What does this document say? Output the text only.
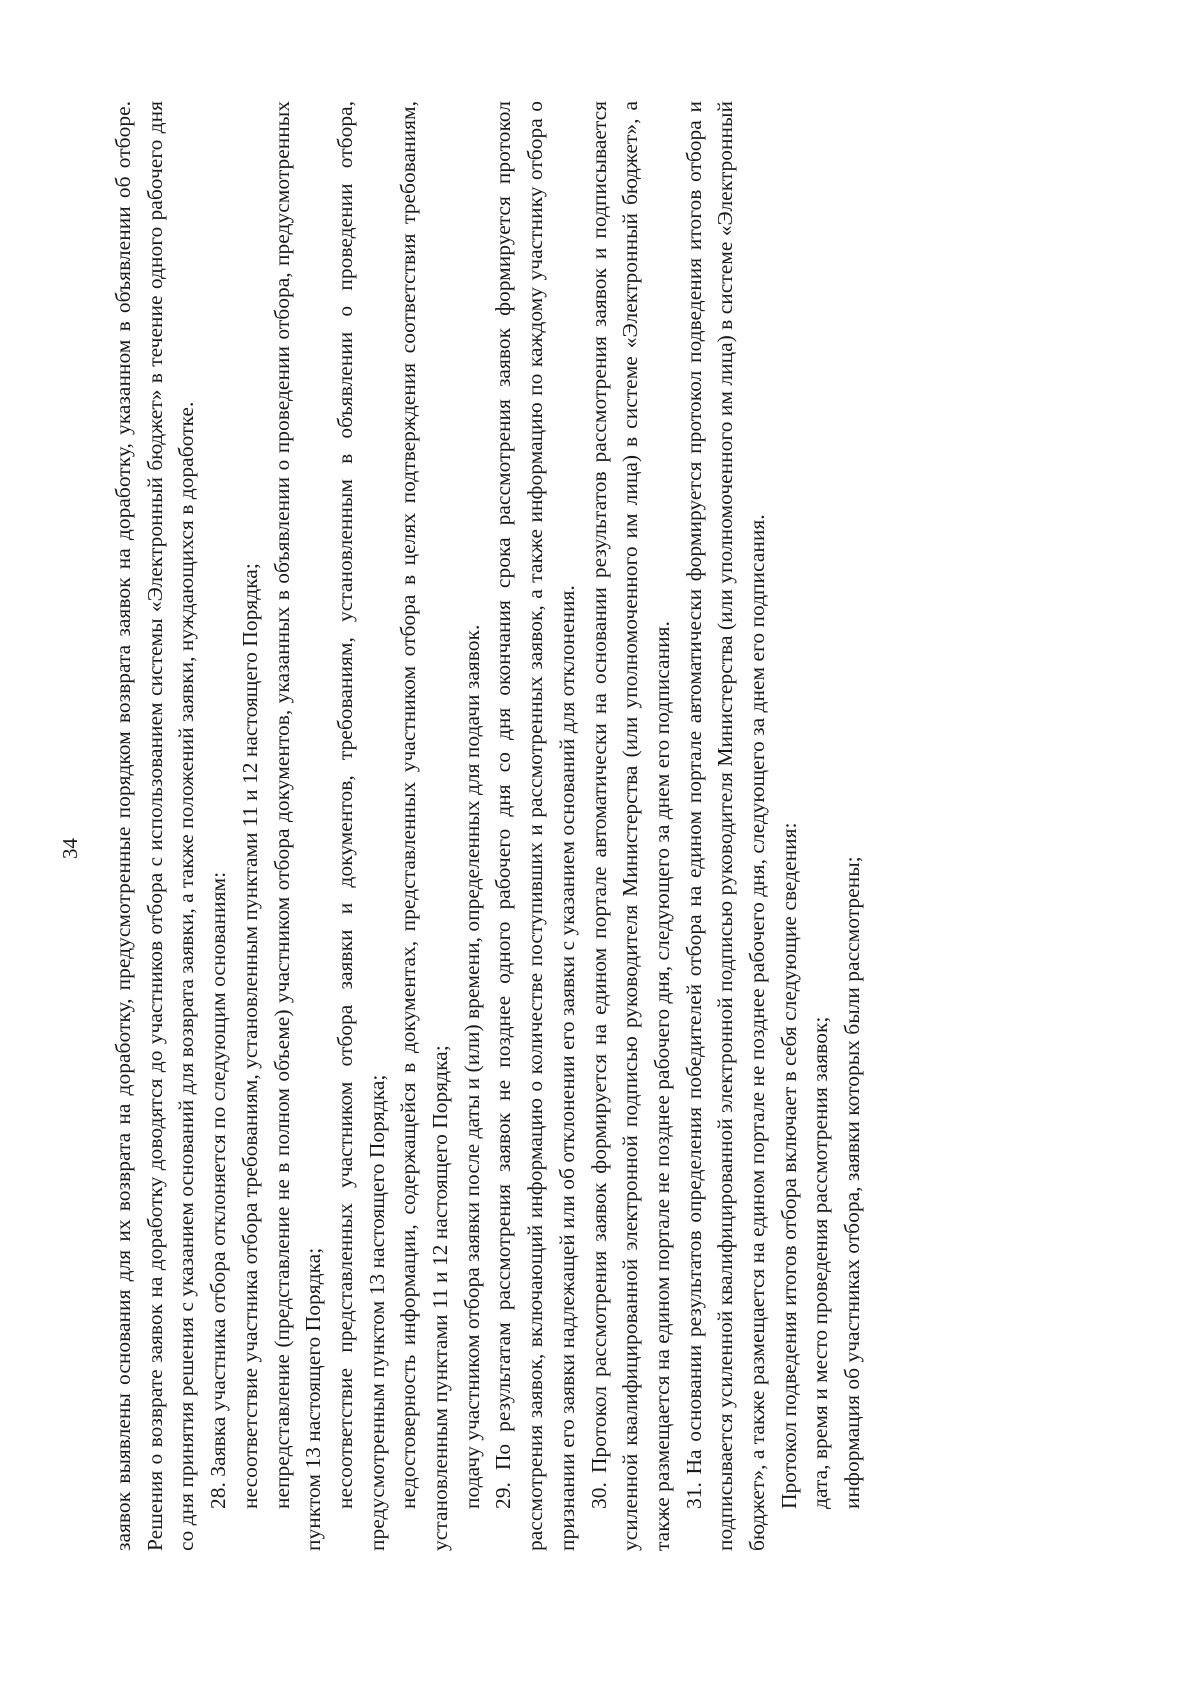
34 заявок выявлены основания для их возврата на доработку, предусмотренные порядком возврата заявок на доработку, указанном в объявлении об отборе. Решения о возврате заявок на доработку доводятся до участников отбора с использованием системы «Электронный бюджет» в течение одного рабочего дня со дня принятия решения с указанием оснований для возврата заявки, а также положений заявки, нуждающихся в доработке. 28. Заявка участника отбора отклоняется по следующим основаниям: несоответствие участника отбора требованиям, установленным пунктами 11 и 12 настоящего Порядка; непредставление (представление не в полном объеме) участником отбора документов, указанных в объявлении о проведении отбора, предусмотренных пунктом 13 настоящего Порядка; несоответствие представленных участником отбора заявки и документов, требованиям, установленным в объявлении о проведении отбора, предусмотренным пунктом 13 настоящего Порядка; недостоверность информации, содержащейся в документах, представленных участником отбора в целях подтверждения соответствия требованиям, установленным пунктами 11 и 12 настоящего Порядка; подачу участником отбора заявки после даты и (или) времени, определенных для подачи заявок. 29. По результатам рассмотрения заявок не позднее одного рабочего дня со дня окончания срока рассмотрения заявок формируется протокол рассмотрения заявок, включающий информацию о количестве поступивших и рассмотренных заявок, а также информацию по каждому участнику отбора о признании его заявки надлежащей или об отклонении его заявки с указанием оснований для отклонения. 30. Протокол рассмотрения заявок формируется на едином портале автоматически на основании результатов рассмотрения заявок и подписывается усиленной квалифицированной электронной подписью руководителя Министерства (или уполномоченного им лица) в системе «Электронный бюджет», а также размещается на едином портале не позднее рабочего дня, следующего за днем его подписания. 31. На основании результатов определения победителей отбора на едином портале автоматически формируется протокол подведения итогов отбора и подписывается усиленной квалифицированной электронной подписью руководителя Министерства (или уполномоченного им лица) в системе «Электронный бюджет», а также размещается на едином портале не позднее рабочего дня, следующего за днем его подписания. Протокол подведения итогов отбора включает в себя следующие сведения: дата, время и место проведения рассмотрения заявок; информация об участниках отбора, заявки которых были рассмотрены;
